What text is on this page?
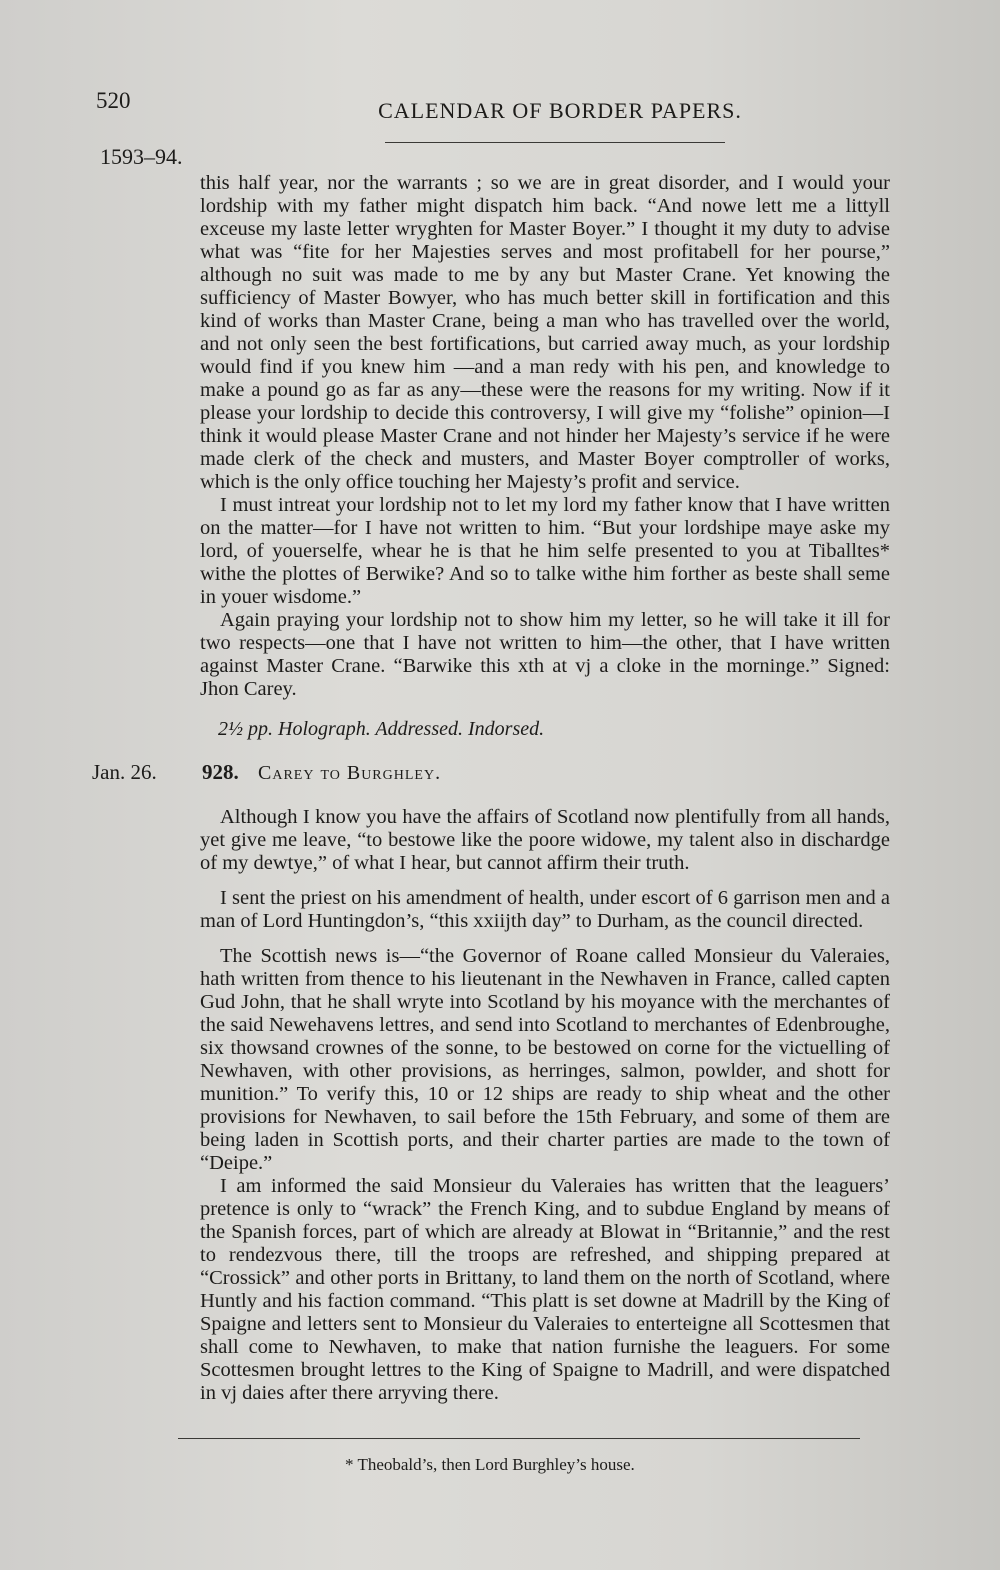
520	CALENDAR OF BORDER PAPERS.
1593–94.

this half year, nor the warrants ; so we are in great disorder, and I would your lordship with my father might dispatch him back. “And nowe lett me a littyll exceuse my laste letter wryghten for Master Boyer.” I thought it my duty to advise what was “fite for her Majesties serves and most profitabell for her pourse,” although no suit was made to me by any but Master Crane. Yet knowing the sufficiency of Master Bowyer, who has much better skill in fortification and this kind of works than Master Crane, being a man who has travelled over the world, and not only seen the best fortifications, but carried away much, as your lordship would find if you knew him —and a man redy with his pen, and knowledge to make a pound go as far as any—these were the reasons for my writing. Now if it please your lordship to decide this controversy, I will give my “folishe” opinion—I think it would please Master Crane and not hinder her Majesty’s service if he were made clerk of the check and musters, and Master Boyer comptroller of works, which is the only office touching her Majesty’s profit and service.

I must intreat your lordship not to let my lord my father know that I have written on the matter—for I have not written to him. “But your lordshipe maye aske my lord, of youerselfe, whear he is that he him selfe presented to you at Tiballtes* withe the plottes of Berwike? And so to talke withe him forther as beste shall seme in youer wisdome.”

Again praying your lordship not to show him my letter, so he will take it ill for two respects—one that I have not written to him—the other, that I have written against Master Crane. “Barwike this xth at vj a cloke in the morninge.” Signed: Jhon Carey.

2½ pp. Holograph. Addressed. Indorsed.
Jan. 26. 928. Carey to Burghley.

Although I know you have the affairs of Scotland now plentifully from all hands, yet give me leave, “to bestowe like the poore widowe, my talent also in dischardge of my dewtye,” of what I hear, but cannot affirm their truth.

I sent the priest on his amendment of health, under escort of 6 garrison men and a man of Lord Huntingdon’s, “this xxiijth day” to Durham, as the council directed.

The Scottish news is—“the Governor of Roane called Monsieur du Valeraies, hath written from thence to his lieutenant in the Newhaven in France, called capten Gud John, that he shall wryte into Scotland by his moyance with the merchantes of the said Newehavens lettres, and send into Scotland to merchantes of Edenbroughe, six thowsand crownes of the sonne, to be bestowed on corne for the victuelling of Newhaven, with other provisions, as herringes, salmon, powlder, and shott for munition.” To verify this, 10 or 12 ships are ready to ship wheat and the other provisions for Newhaven, to sail before the 15th February, and some of them are being laden in Scottish ports, and their charter parties are made to the town of “Deipe.”

I am informed the said Monsieur du Valeraies has written that the leaguers’ pretence is only to “wrack” the French King, and to subdue England by means of the Spanish forces, part of which are already at Blowat in “Britannie,” and the rest to rendezvous there, till the troops are refreshed, and shipping prepared at “Crossick” and other ports in Brittany, to land them on the north of Scotland, where Huntly and his faction command. “This platt is set downe at Madrill by the King of Spaigne and letters sent to Monsieur du Valeraies to enterteigne all Scottesmen that shall come to Newhaven, to make that nation furnishe the leaguers. For some Scottesmen brought lettres to the King of Spaigne to Madrill, and were dispatched in vj daies after there arryving there.

* Theobald’s, then Lord Burghley’s house.
